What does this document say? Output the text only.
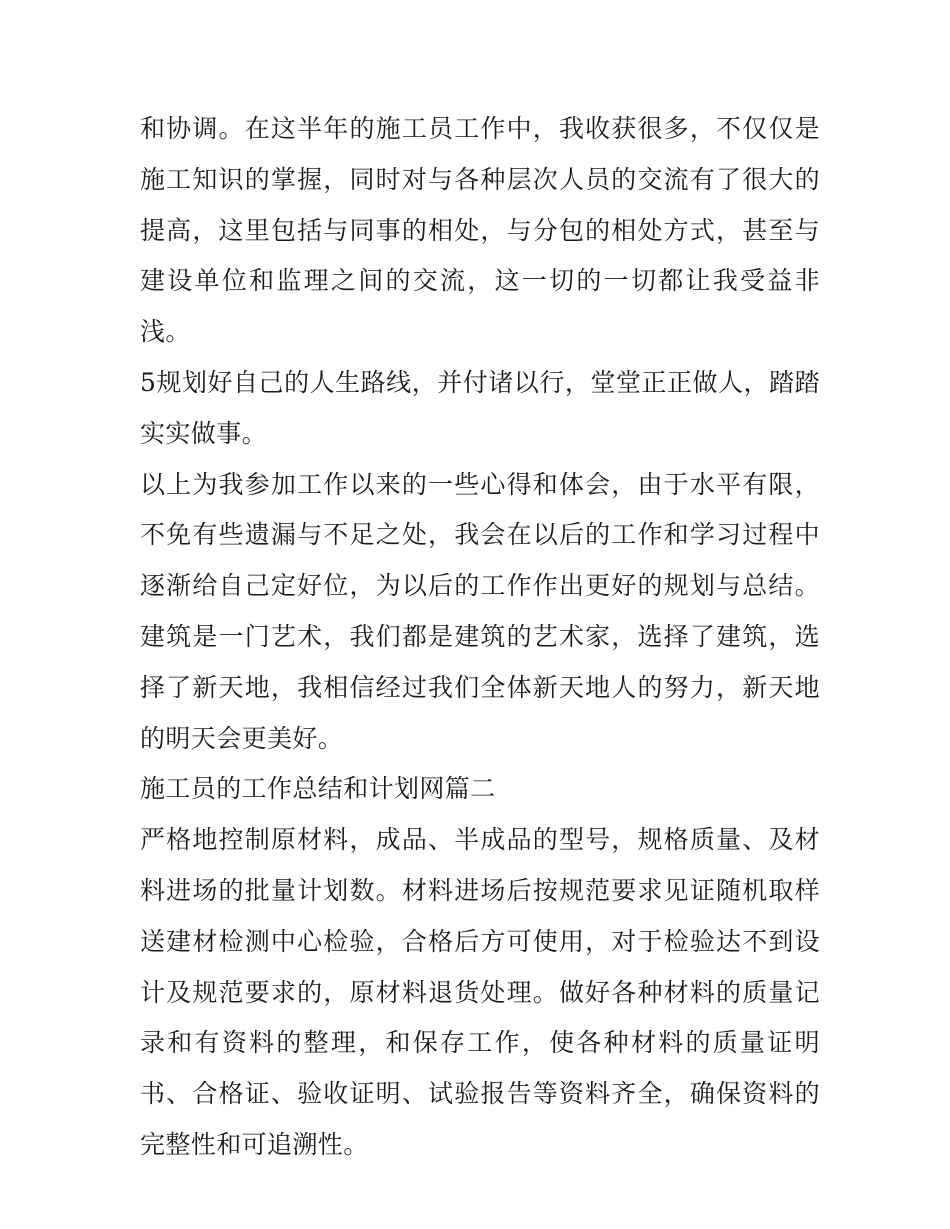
和协调。在这半年的施工员工作中，我收获很多，不仅仅是施工知识的掌握，同时对与各种层次人员的交流有了很大的提高，这里包括与同事的相处，与分包的相处方式，甚至与建设单位和监理之间的交流，这一切的一切都让我受益非浅。

5规划好自己的人生路线，并付诸以行，堂堂正正做人，踏踏实实做事。

以上为我参加工作以来的一些心得和体会，由于水平有限，不免有些遗漏与不足之处，我会在以后的工作和学习过程中逐渐给自己定好位，为以后的工作作出更好的规划与总结。建筑是一门艺术，我们都是建筑的艺术家，选择了建筑，选择了新天地，我相信经过我们全体新天地人的努力，新天地的明天会更美好。

施工员的工作总结和计划网篇二

严格地控制原材料，成品、半成品的型号，规格质量、及材料进场的批量计划数。材料进场后按规范要求见证随机取样送建材检测中心检验，合格后方可使用，对于检验达不到设计及规范要求的，原材料退货处理。做好各种材料的质量记录和有资料的整理，和保存工作，使各种材料的质量证明书、合格证、验收证明、试验报告等资料齐全，确保资料的完整性和可追溯性。
